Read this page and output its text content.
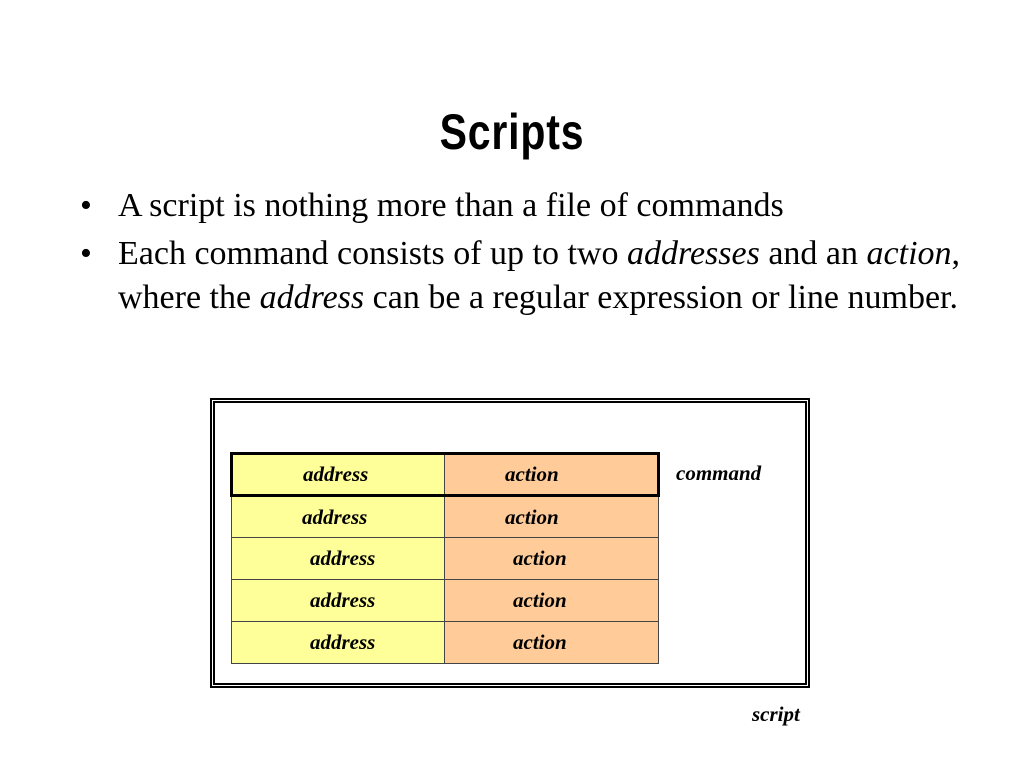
Scripts
• A script is nothing more than a file of commands
• Each command consists of up to two addresses and an action, where the address can be a regular expression or line number.
address	action
address	action
address	action
address	action
address	action
command
script
